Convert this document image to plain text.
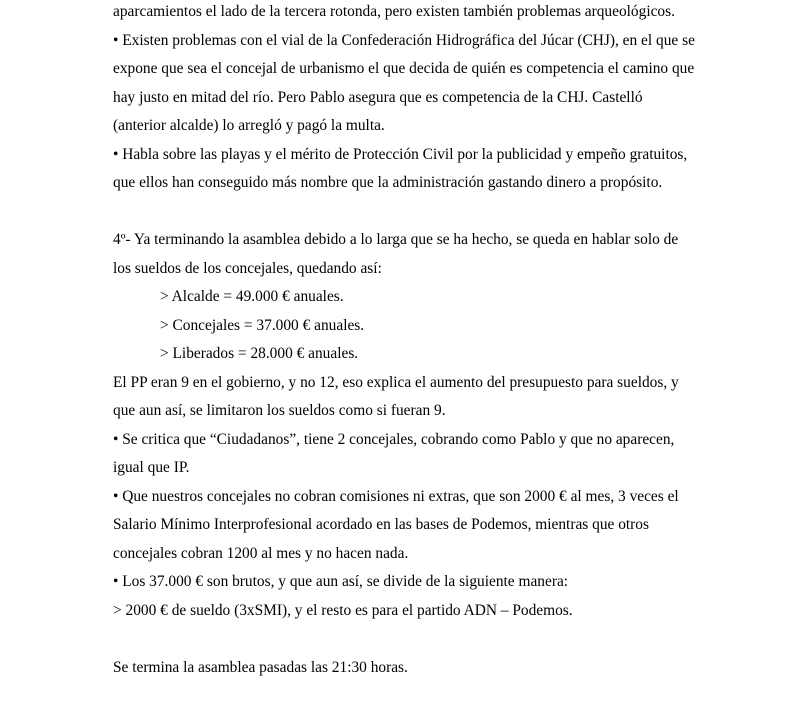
aparcamientos el lado de la tercera rotonda, pero existen también problemas arqueológicos.
• Existen problemas con el vial de la Confederación Hidrográfica del Júcar (CHJ), en el que se
expone que sea el concejal de urbanismo el que decida de quién es competencia el camino que
hay justo en mitad del río. Pero Pablo asegura que es competencia de la CHJ. Castelló
(anterior alcalde) lo arregló y pagó la multa.
• Habla sobre las playas y el mérito de Protección Civil por la publicidad y empeño gratuitos,
que ellos han conseguido más nombre que la administración gastando dinero a propósito.
4º- Ya terminando la asamblea debido a lo larga que se ha hecho, se queda en hablar solo de
los sueldos de los concejales, quedando así:
> Alcalde = 49.000 € anuales.
> Concejales = 37.000 € anuales.
> Liberados = 28.000 € anuales.
El PP eran 9 en el gobierno, y no 12, eso explica el aumento del presupuesto para sueldos, y
que aun así, se limitaron los sueldos como si fueran 9.
• Se critica que “Ciudadanos”, tiene 2 concejales, cobrando como Pablo y que no aparecen,
igual que IP.
• Que nuestros concejales no cobran comisiones ni extras, que son 2000 € al mes, 3 veces el
Salario Mínimo Interprofesional acordado en las bases de Podemos, mientras que otros
concejales cobran 1200 al mes y no hacen nada.
• Los 37.000 € son brutos, y que aun así, se divide de la siguiente manera:
> 2000 € de sueldo (3xSMI), y el resto es para el partido ADN – Podemos.
Se termina la asamblea pasadas las 21:30 horas.
